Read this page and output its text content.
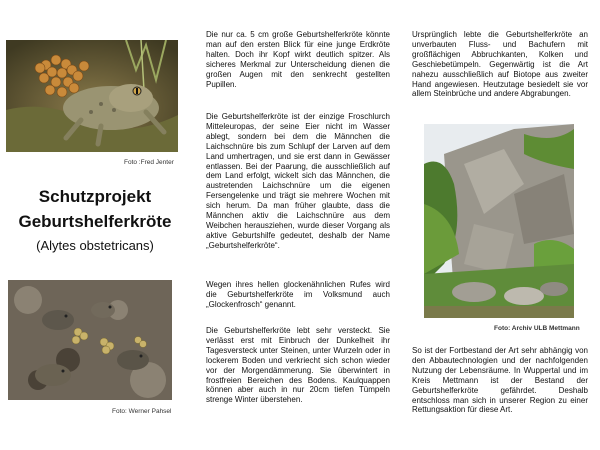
Foto :Fred Jenter
Schutzprojekt
Geburtshelferkröte
(Alytes obstetricans)
Foto: Werner Pahsel

Die nur ca. 5 cm große Geburtshelferkröte könnte man auf den ersten Blick für eine junge Erdkröte halten. Doch ihr Kopf wirkt deutlich spitzer. Als sicheres Merkmal zur Unterscheidung dienen die großen Augen mit den senkrecht gestellten Pupillen.

Die Geburtshelferkröte ist der einzige Froschlurch Mitteleuropas, der seine Eier nicht im Wasser ablegt, sondern bei dem die Männchen die Laichschnüre bis zum Schlupf der Larven auf dem Land umhertragen, und sie erst dann in Gewässer entlassen. Bei der Paarung, die ausschließlich auf dem Land erfolgt, wickelt sich das Männchen, die austretenden Laichschnüre um die eigenen Fersengelenke und trägt sie mehrere Wochen mit sich herum. Da man früher glaubte, dass die Männchen aktiv die Laichschnüre aus dem Weibchen herausziehen, wurde dieser Vorgang als aktive Geburtshilfe gedeutet, deshalb der Name „Geburtshelferkröte“.

Wegen ihres hellen glockenähnlichen Rufes wird die Geburtshelferkröte im Volksmund auch „Glockenfrosch“ genannt.

Die Geburtshelferkröte lebt sehr versteckt. Sie verlässt erst mit Einbruch der Dunkelheit ihr Tagesversteck unter Steinen, unter Wurzeln oder in lockerem Boden und verkriecht sich schon wieder vor der Morgendämmerung. Sie überwintert in frostfreien Bereichen des Bodens. Kaulquappen können aber auch in nur 20cm tiefen Tümpeln strenge Winter überstehen.

Ursprünglich lebte die Geburtshelferkröte an unverbauten Fluss- und Bachufern mit großflächigen Abbruchkanten, Kolken und Geschiebetümpeln. Gegenwärtig ist die Art nahezu ausschließlich auf Biotope aus zweiter Hand angewiesen. Heutzutage besiedelt sie vor allem Steinbrüche und andere Abgrabungen.

Foto: Archiv ULB Mettmann

So ist der Fortbestand der Art sehr abhängig von den Abbautechnologien und der nachfolgenden Nutzung der Lebensräume. In Wuppertal und im Kreis Mettmann ist der Bestand der Geburtshelferkröte gefährdet. Deshalb entschloss man sich in unserer Region zu einer Rettungsaktion für diese Art.
